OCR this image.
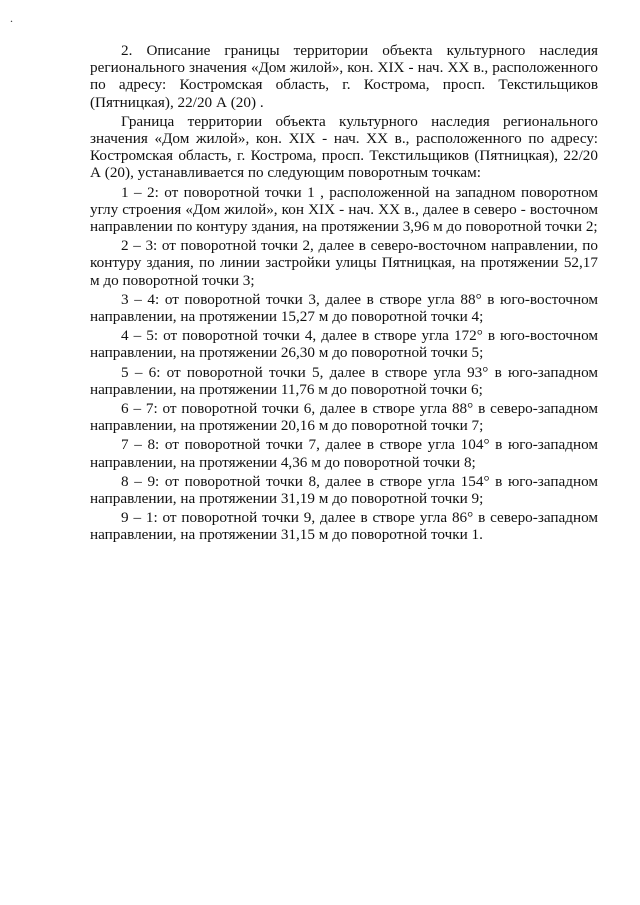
.

2. Описание границы территории объекта культурного наследия регионального значения «Дом жилой», кон. XIX - нач. XX в., расположенного по адресу: Костромская область, г. Кострома, просп. Текстильщиков (Пятницкая), 22/20 А (20) .

Граница территории объекта культурного наследия регионального значения «Дом жилой», кон. XIX - нач. XX в., расположенного по адресу: Костромская область, г. Кострома, просп. Текстильщиков (Пятницкая), 22/20 А (20), устанавливается по следующим поворотным точкам:

1 – 2: от поворотной точки 1 , расположенной на западном поворотном углу строения «Дом жилой», кон XIX - нач. XX в., далее в северо - восточном направлении по контуру здания, на протяжении 3,96 м до поворотной точки 2;

2 – 3: от поворотной точки 2, далее в северо-восточном направлении, по контуру здания, по линии застройки улицы Пятницкая, на протяжении 52,17 м до поворотной точки 3;

3 – 4: от поворотной точки 3, далее в створе угла 88° в юго-восточном направлении, на протяжении 15,27 м до поворотной точки 4;

4 – 5: от поворотной точки 4, далее в створе угла 172° в юго-восточном направлении, на протяжении 26,30 м до поворотной точки 5;

5 – 6: от поворотной точки 5, далее в створе угла 93° в юго-западном направлении, на протяжении 11,76 м до поворотной точки 6;

6 – 7: от поворотной точки 6, далее в створе угла 88° в северо-западном направлении, на протяжении 20,16 м до поворотной точки 7;

7 – 8: от поворотной точки 7, далее в створе угла 104° в юго-западном направлении, на протяжении 4,36 м до поворотной точки 8;

8 – 9: от поворотной точки 8, далее в створе угла 154° в юго-западном направлении, на протяжении 31,19 м до поворотной точки 9;

9 – 1: от поворотной точки 9, далее в створе угла 86° в северо-западном направлении, на протяжении 31,15 м до поворотной точки 1.
